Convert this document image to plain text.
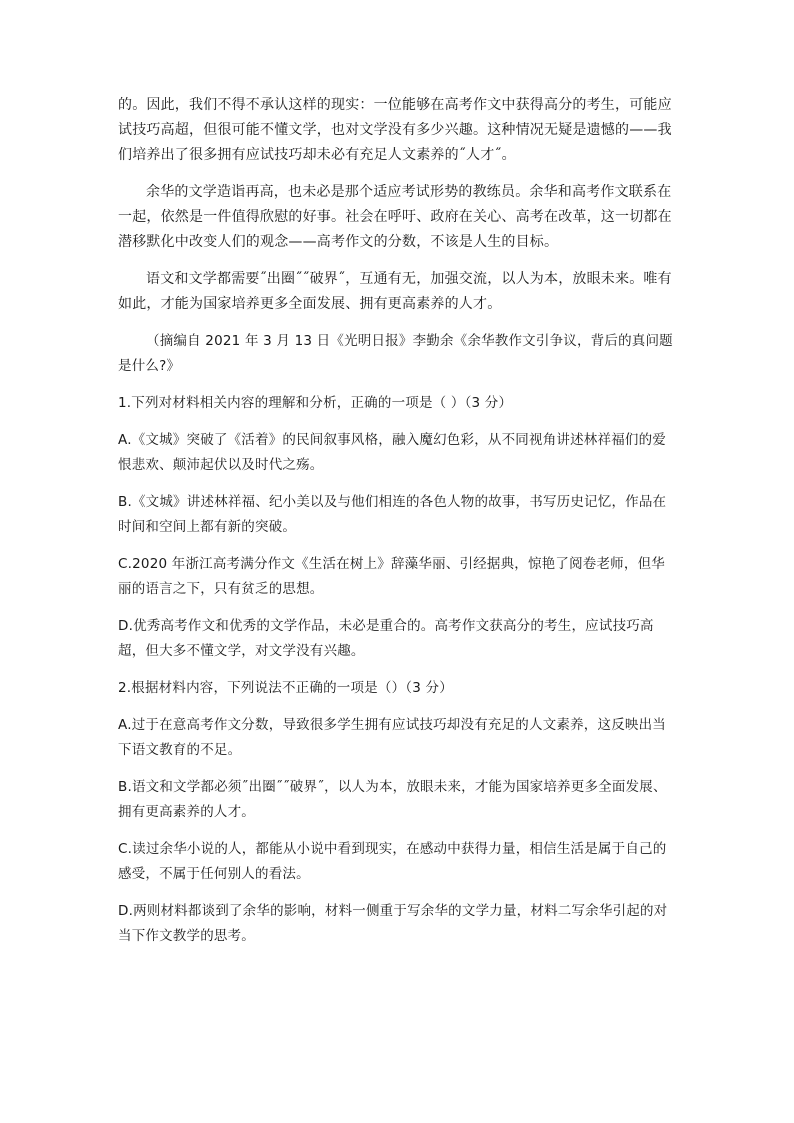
的。因此，我们不得不承认这样的现实：一位能够在高考作文中获得高分的考生，可能应试技巧高超，但很可能不懂文学，也对文学没有多少兴趣。这种情况无疑是遗憾的——我们培养出了很多拥有应试技巧却未必有充足人文素养的˝人才˝。

余华的文学造诣再高，也未必是那个适应考试形势的教练员。余华和高考作文联系在一起，依然是一件值得欣慰的好事。社会在呼吁、政府在关心、高考在改革，这一切都在潜移默化中改变人们的观念——高考作文的分数，不该是人生的目标。

语文和文学都需要˝出圈˝˝破界˝，互通有无，加强交流，以人为本，放眼未来。唯有如此，才能为国家培养更多全面发展、拥有更高素养的人才。

（摘编自 2021 年 3 月 13 日《光明日报》李勤余《余华教作文引争议，背后的真问题是什么?》

1.下列对材料相关内容的理解和分析，正确的一项是（ ）（3 分）

A.《文城》突破了《活着》的民间叙事风格，融入魔幻色彩，从不同视角讲述林祥福们的爱恨悲欢、颠沛起伏以及时代之殇。

B.《文城》讲述林祥福、纪小美以及与他们相连的各色人物的故事，书写历史记忆，作品在时间和空间上都有新的突破。

C.2020 年浙江高考满分作文《生活在树上》辞藻华丽、引经据典，惊艳了阅卷老师，但华丽的语言之下，只有贫乏的思想。

D.优秀高考作文和优秀的文学作品，未必是重合的。高考作文获高分的考生，应试技巧高超，但大多不懂文学，对文学没有兴趣。

2.根据材料内容，下列说法不正确的一项是（）（3 分）

A.过于在意高考作文分数，导致很多学生拥有应试技巧却没有充足的人文素养，这反映出当下语文教育的不足。

B.语文和文学都必须˝出圈˝˝破界˝，以人为本，放眼未来，才能为国家培养更多全面发展、拥有更高素养的人才。

C.读过余华小说的人，都能从小说中看到现实，在感动中获得力量，相信生活是属于自己的感受，不属于任何别人的看法。

D.两则材料都谈到了余华的影响，材料一侧重于写余华的文学力量，材料二写余华引起的对当下作文教学的思考。
